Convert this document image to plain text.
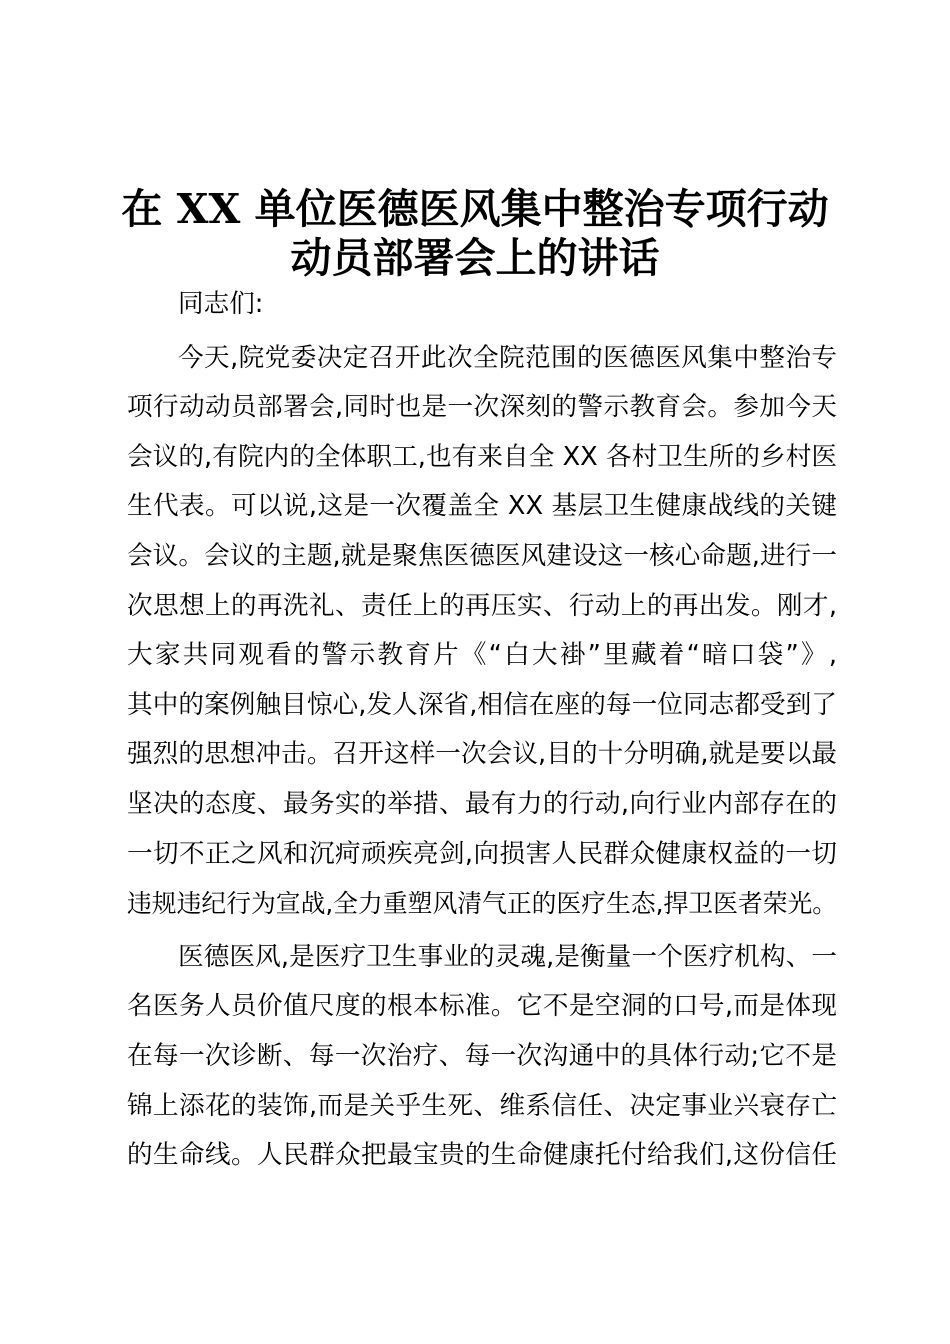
在 XX 单位医德医风集中整治专项行动
动员部署会上的讲话
同志们:
今天,院党委决定召开此次全院范围的医德医风集中整治专
项行动动员部署会,同时也是一次深刻的警示教育会。参加今天
会议的,有院内的全体职工,也有来自全 XX 各村卫生所的乡村医
生代表。可以说,这是一次覆盖全 XX 基层卫生健康战线的关键
会议。会议的主题,就是聚焦医德医风建设这一核心命题,进行一
次思想上的再洗礼、责任上的再压实、行动上的再出发。刚才,
大家共同观看的警示教育片《“白大褂”里藏着“暗口袋”》,
其中的案例触目惊心,发人深省,相信在座的每一位同志都受到了
强烈的思想冲击。召开这样一次会议,目的十分明确,就是要以最
坚决的态度、最务实的举措、最有力的行动,向行业内部存在的
一切不正之风和沉疴顽疾亮剑,向损害人民群众健康权益的一切
违规违纪行为宣战,全力重塑风清气正的医疗生态,捍卫医者荣光。
医德医风,是医疗卫生事业的灵魂,是衡量一个医疗机构、一
名医务人员价值尺度的根本标准。它不是空洞的口号,而是体现
在每一次诊断、每一次治疗、每一次沟通中的具体行动;它不是
锦上添花的装饰,而是关乎生死、维系信任、决定事业兴衰存亡
的生命线。人民群众把最宝贵的生命健康托付给我们,这份信任
